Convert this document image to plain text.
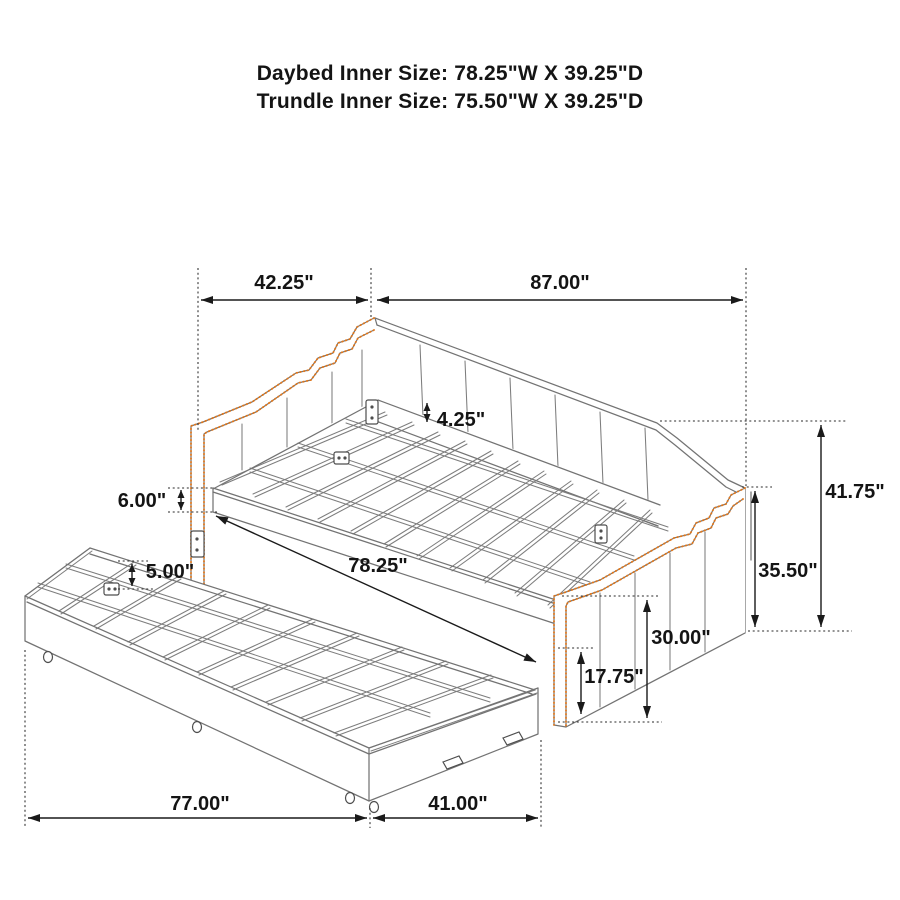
Daybed Inner Size: 78.25"W X 39.25"D
Trundle Inner Size: 75.50"W X 39.25"D
42.25"	87.00"
41.75"
35.50"
30.00"
17.75"
6.00"
5.00"
4.25"
78.25"
77.00"	41.00"
